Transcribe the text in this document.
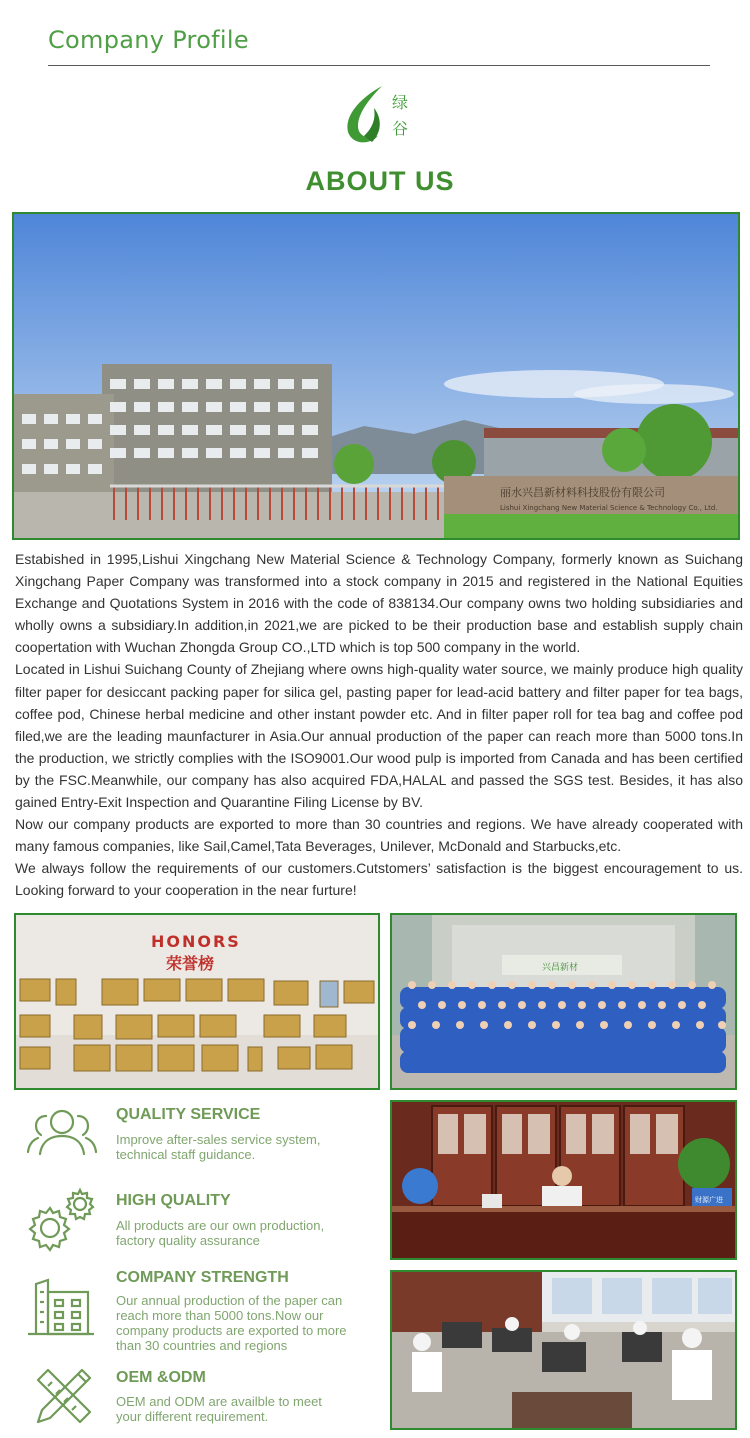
Company Profile
绿
谷
ABOUT US
丽水兴昌新材料科技股份有限公司
Lishui Xingchang New Material Science & Technology Co., Ltd.

Estabished in 1995,Lishui Xingchang New Material Science & Technology Company, formerly known as Suichang Xingchang Paper Company was transformed into a stock company in 2015 and registered in the National Equities Exchange and Quotations System in 2016 with the code of 838134.Our company owns two holding subsidiaries and wholly owns a subsidiary.In addition,in 2021,we are picked to be their production base and establish supply chain coopertation with Wuchan Zhongda Group CO.,LTD which is top 500 company in the world.

Located in Lishui Suichang County of Zhejiang where owns high-quality water source, we mainly produce high quality filter paper for desiccant packing paper for silica gel, pasting paper for lead-acid battery and filter paper for tea bags, coffee pod, Chinese herbal medicine and other instant powder etc. And in filter paper roll for tea bag and coffee pod filed,we are the leading maunfacturer in Asia.Our annual production of the paper can reach more than 5000 tons.In the production, we strictly complies with the ISO9001.Our wood pulp is imported from Canada and has been certified by the FSC.Meanwhile, our company has also acquired FDA,HALAL and passed the SGS test. Besides, it has also gained Entry-Exit Inspection and Quarantine Filing License by BV.

Now our company products are exported to more than 30 countries and regions. We have already cooperated with many famous companies, like Sail,Camel,Tata Beverages, Unilever, McDonald and Starbucks,etc.

We always follow the requirements of our customers.Cutstomers’ satisfaction is the biggest encouragement to us. Looking forward to your cooperation in the near furture!

HONORS
荣誉榜	兴昌新材
财源广进
QUALITY SERVICE
Improve after-sales service system,
technical staff guidance.
HIGH QUALITY
All products are our own production,
factory quality assurance
COMPANY STRENGTH
Our annual production of the paper can
reach more than 5000 tons.Now our
company products are exported to more
than 30 countries and regions
OEM &ODM
OEM and ODM are availble to meet
your different requirement.
